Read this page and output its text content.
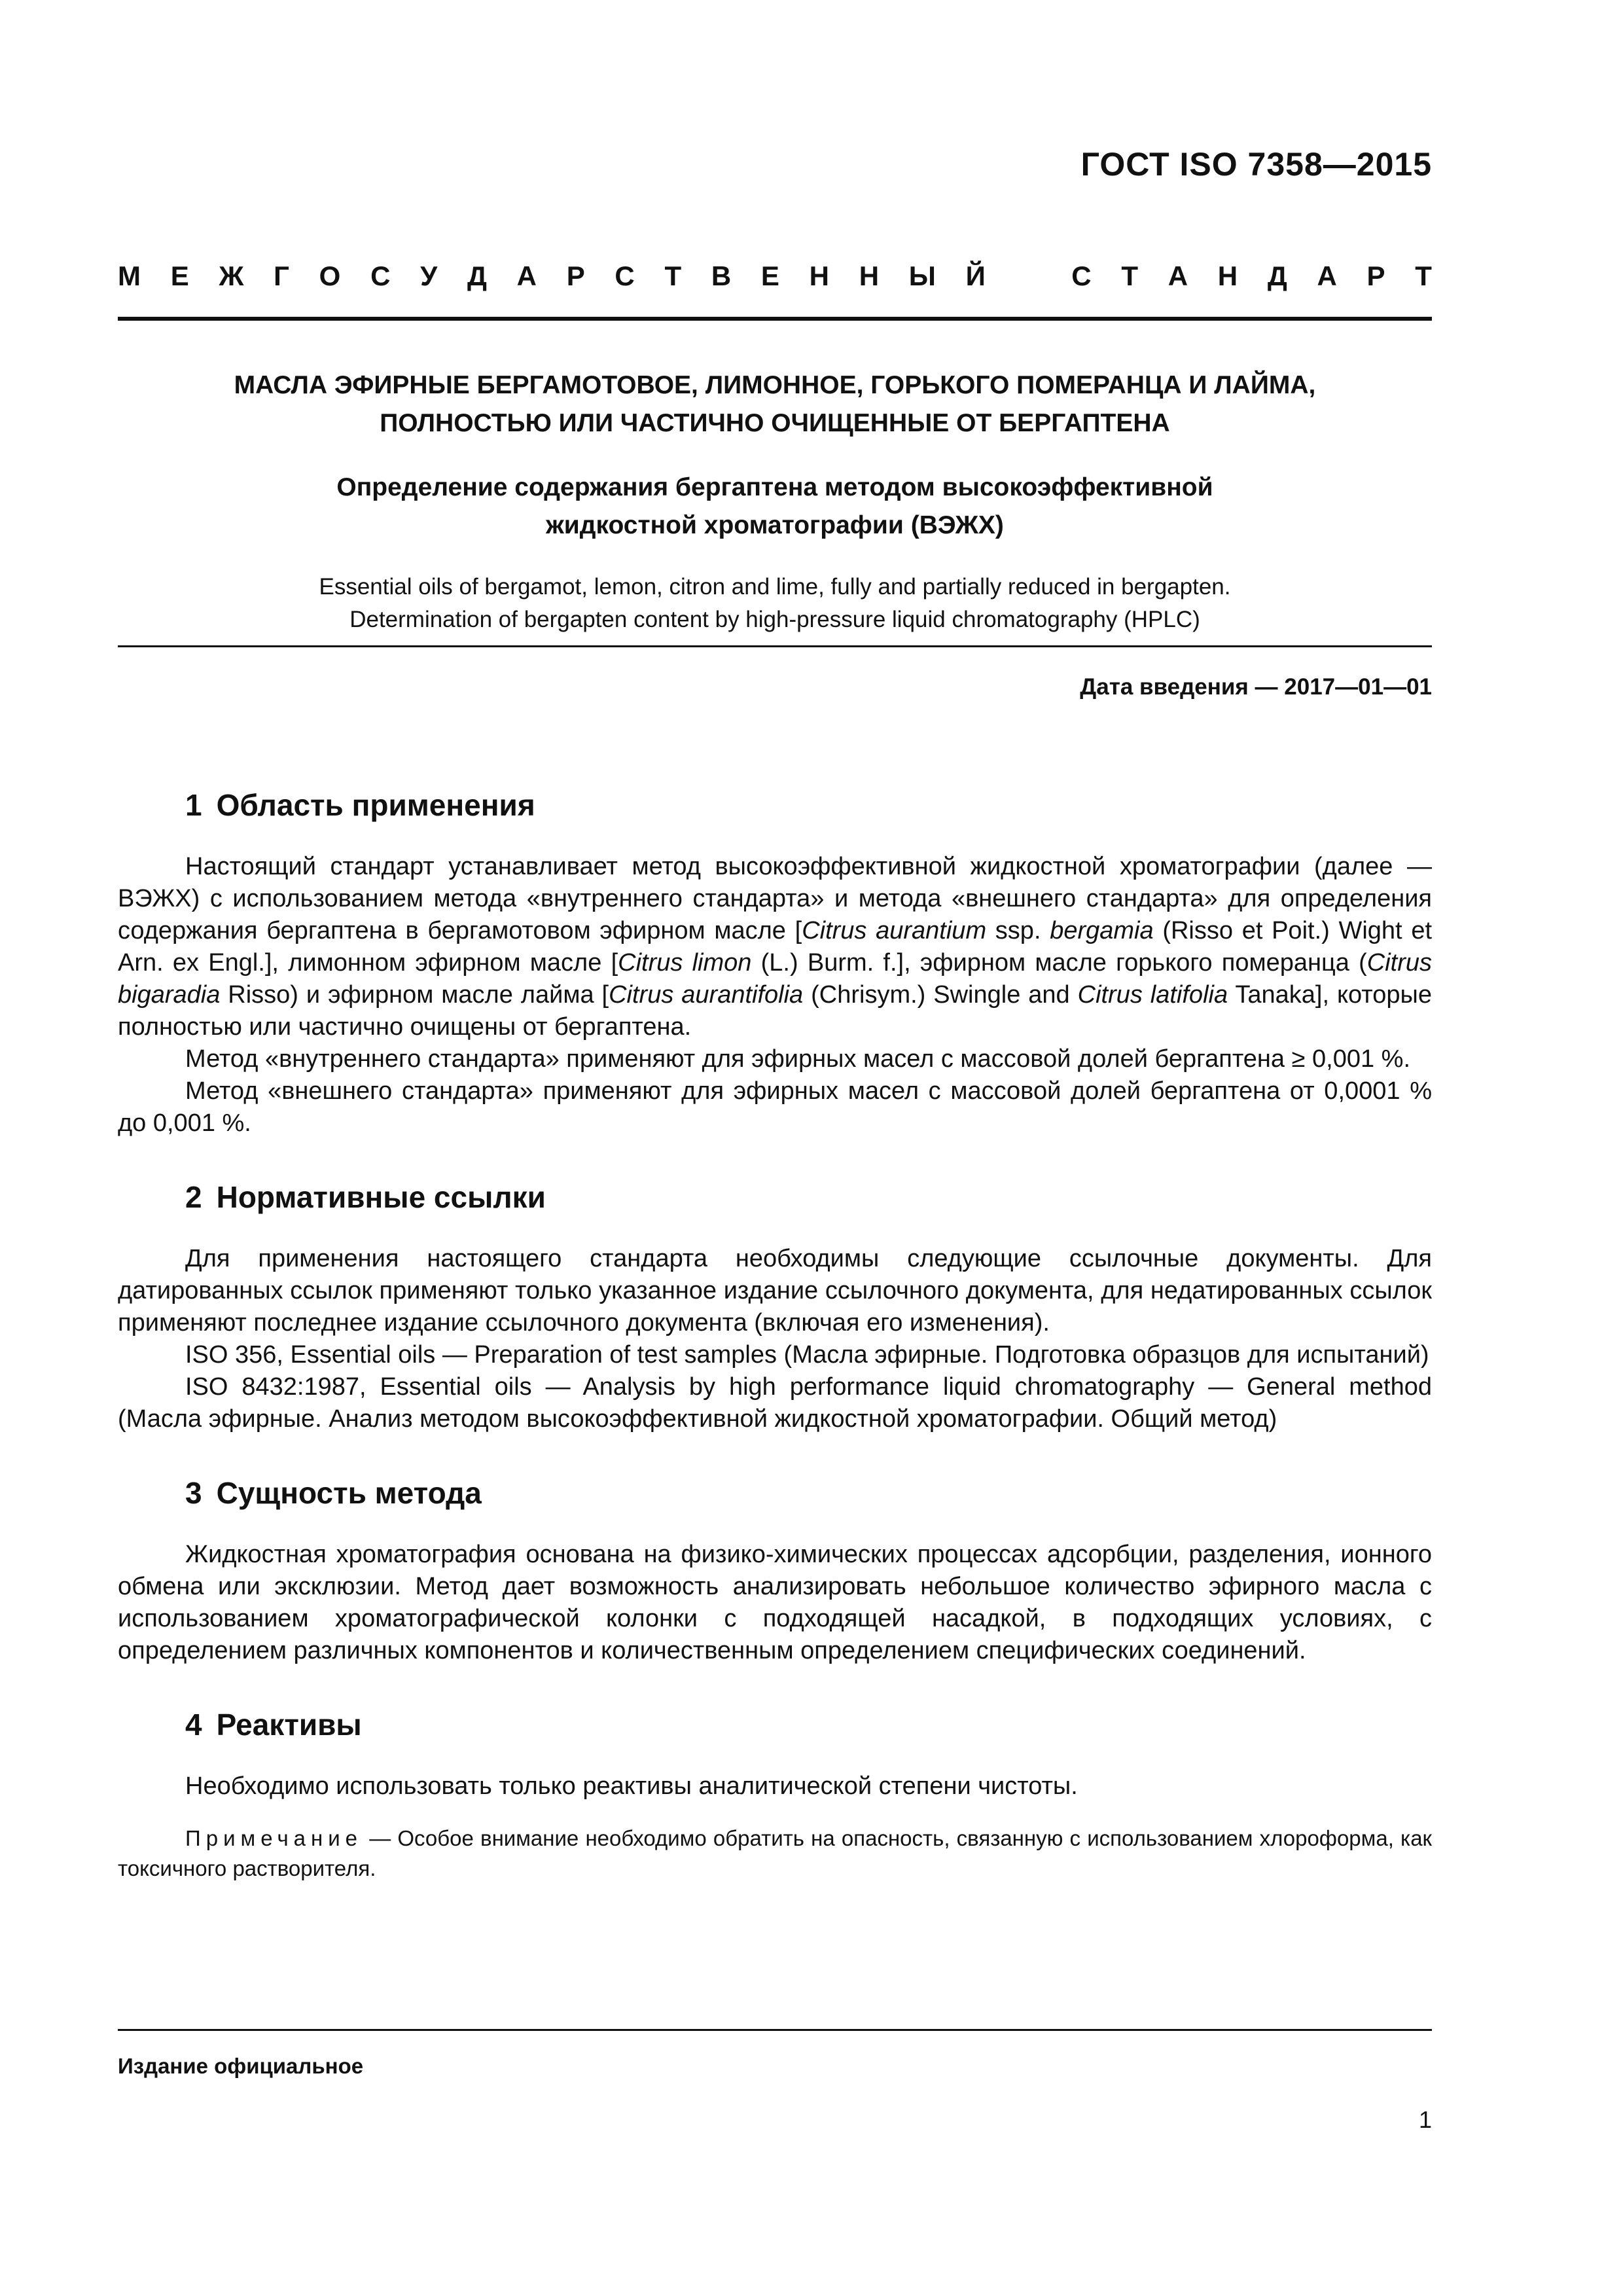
ГОСТ ISO 7358—2015
М Е Ж Г О С У Д А Р С Т В Е Н Н Ы Й	С Т А Н Д А Р Т
МАСЛА ЭФИРНЫЕ БЕРГАМОТОВОЕ, ЛИМОННОЕ, ГОРЬКОГО ПОМЕРАНЦА И ЛАЙМА,
ПОЛНОСТЬЮ ИЛИ ЧАСТИЧНО ОЧИЩЕННЫЕ ОТ БЕРГАПТЕНА
Определение содержания бергаптена методом высокоэффективной
жидкостной хроматографии (ВЭЖХ)
Essential oils of bergamot, lemon, citron and lime, fully and partially reduced in bergapten.
Determination of bergapten content by high-pressure liquid chromatography (HPLC)
Дата введения — 2017—01—01
1 Область применения

Настоящий стандарт устанавливает метод высокоэффективной жидкостной хроматографии (далее — ВЭЖХ) с использованием метода «внутреннего стандарта» и метода «внешнего стандарта» для определения содержания бергаптена в бергамотовом эфирном масле [Citrus aurantium ssp. bergamia (Risso et Poit.) Wight et Arn. ex Engl.], лимонном эфирном масле [Citrus limon (L.) Burm. f.], эфирном масле горького померанца (Citrus bigaradia Risso) и эфирном масле лайма [Citrus aurantifolia (Chrisym.) Swingle and Citrus latifolia Tanaka], которые полностью или частично очищены от бергаптена.

Метод «внутреннего стандарта» применяют для эфирных масел с массовой долей бергаптена ≥ 0,001 %.

Метод «внешнего стандарта» применяют для эфирных масел с массовой долей бергаптена от 0,0001 % до 0,001 %.

2 Нормативные ссылки

Для применения настоящего стандарта необходимы следующие ссылочные документы. Для датированных ссылок применяют только указанное издание ссылочного документа, для недатированных ссылок применяют последнее издание ссылочного документа (включая его изменения).

ISO 356, Essential oils — Preparation of test samples (Масла эфирные. Подготовка образцов для испытаний)

ISO 8432:1987, Essential oils — Analysis by high performance liquid chromatography — General method (Масла эфирные. Анализ методом высокоэффективной жидкостной хроматографии. Общий метод)

3 Сущность метода

Жидкостная хроматография основана на физико-химических процессах адсорбции, разделения, ионного обмена или эксклюзии. Метод дает возможность анализировать небольшое количество эфирного масла с использованием хроматографической колонки с подходящей насадкой, в подходящих условиях, с определением различных компонентов и количественным определением специфических соединений.

4 Реактивы

Необходимо использовать только реактивы аналитической степени чистоты.

Примечание — Особое внимание необходимо обратить на опасность, связанную с использованием хлороформа, как токсичного растворителя.
Издание официальное
1
